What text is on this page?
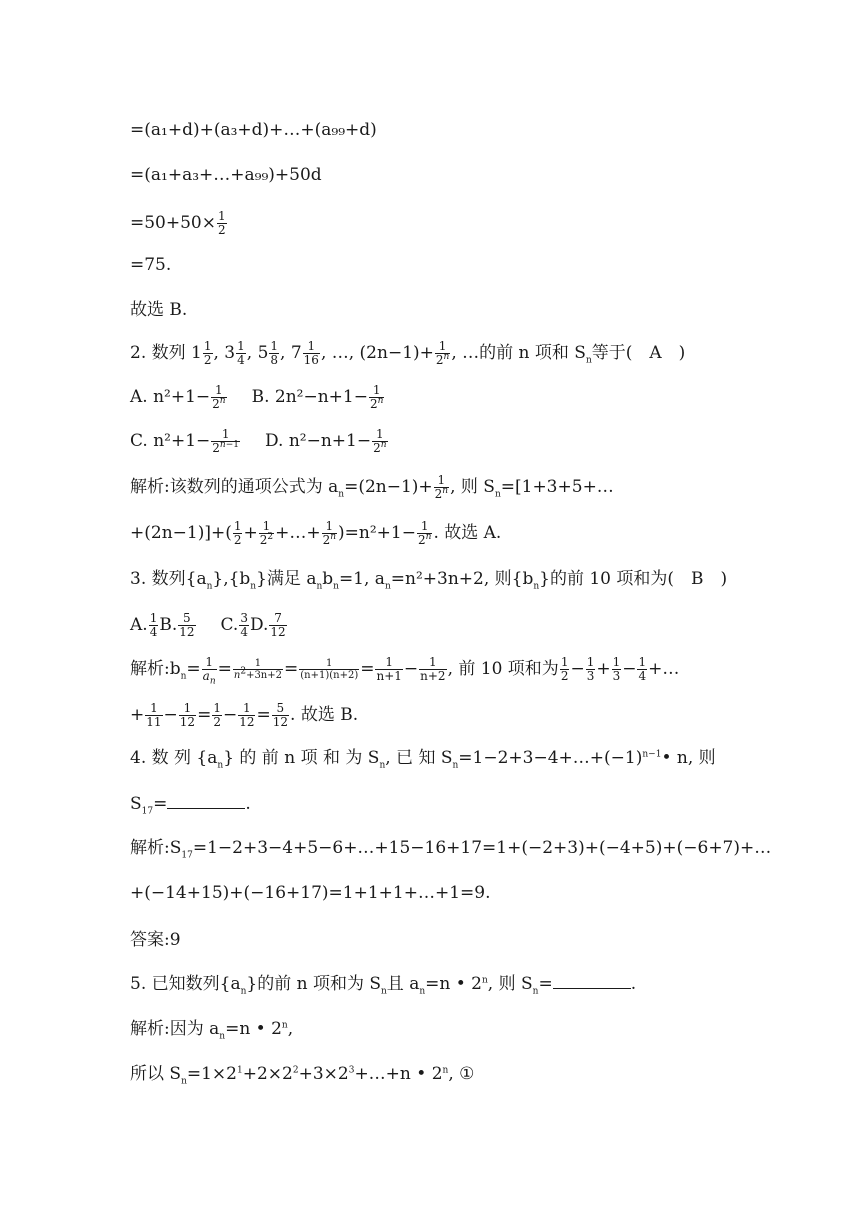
=(a₁+d)+(a₃+d)+…+(a₉₉+d)
=(a₁+a₃+…+a₉₉)+50d
$=50+50\times \frac{1}{2}$
=75.
故选 B.
2. 数列 $1 \frac{1}{2}$ , $3 \frac{1}{4}$ , $5 \frac{1}{8}$ , $7 \frac{1}{16}$ , …, $(2n-1)+ \frac{1}{2^n}$ , …的前 n 项和 $S_n$等于(　A　)
A. $n^2+1- \frac{1}{2^n} B$. $2n^2-n+1- \frac{1}{2^n}$
C. $n^2+1- \frac{1}{2^{n-1}} D$. $n^2-n+1- \frac{1}{2^n}$
解析:该数列的通项公式为 $a_n=(2n-1)+ \frac{1}{2^n}$ , 则 $S_n=[1+3+5+\dots$
$+(2n-1)]+( \frac{1}{2} + \frac{1}{2^2}$ +…+ $\frac{1}{2^n} )=n^2+1- \frac{1}{2^n}$ . 故选 A.
3. 数列$\{a_n\},\{b_n\}$满足 $a_nb_n=1$, $a_n=n^2+3n+2$, 则$\{b_n\}$的前 10 项和为(　B　)
A. $\frac{1}{4} B$. $\frac{5}{12} C$. $\frac{3}{4} D$. $\frac{7}{12}$
解析$:b_n= \frac{1}{a_n} = \frac{1}{n^2+3n+2} = \frac{1}{(n+1)(n+2)} = \frac{1}{n+1} - \frac{1}{n+2}$ , 前 10 项和为 $\frac{1}{2} - \frac{1}{3} + \frac{1}{3} - \frac{1}{4}$ +…
+ $\frac{1}{11} - \frac{1}{12} = \frac{1}{2} - \frac{1}{12} = \frac{5}{12}$ . 故选 B.
4. 数 列 $\{a_n\}$ 的 前 n 项 和 为 $S_n$, 已 知 $S_n=1-2+3-4+\dots+(-1)^{n-1}•$ n, 则
$S_{17}=$	.
解析$:S_{17}=1-2+3-4+5-6+\dots+15-16+17=1+(-2+3)+(-4+5)+(-6+7)+\dots$
+(−14+15)+(−16+17)=1+1+1+…+1=9.
答案:9
5. 已知数列$\{a_n\}$的前 n 项和为 $S_n$且 $a_n=n$ • 2$^n$, 则 $S_n=$	.
解析:因为 $a_n=n$ • 2$^n$,
所以 $S_n=1\times 2^1+2\times 2^2+3\times 2^3+\dots+n$ • 2$^n$, ①
